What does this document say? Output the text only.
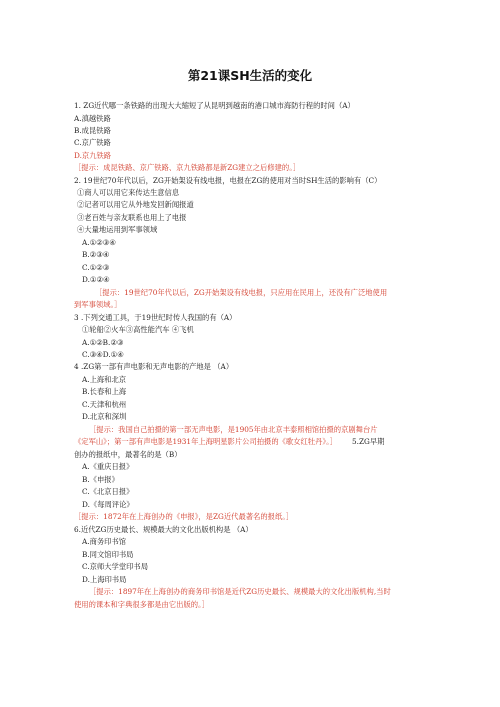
第21课SH生活的变化
1. ZG近代哪一条铁路的出现大大缩短了从昆明到越南的港口城市海防行程的时间（A）
A.滇越铁路
B.成昆铁路
C.京广铁路
D.京九铁路
［提示：成昆铁路、京广铁路、京九铁路都是新ZG建立之后修建的。］
2. 19世纪70年代以后，ZG开始架设有线电报，电报在ZG的使用对当时SH生活的影响有（C）
①商人可以用它来传达生意信息
②记者可以用它从外地发回新闻报道
③老百姓与亲友联系也用上了电报
④大量地运用到军事领域
A.①②③④
B.②③④
C.①②③
D.①②④
［提示：19世纪70年代以后，ZG开始架设有线电报，只应用在民用上，还没有广泛地使用
到军事领域。］
3 .下列交通工具，于19世纪时传人我国的有（A）
①轮船②火车③高性能汽车 ④飞机
A.①②B.②③
C.③④D.①④
4 .ZG第一部有声电影和无声电影的产地是 （A）
A.上海和北京
B.长春和上海
C.天津和杭州
D.北京和深圳
［提示：我国自己拍摄的第一部无声电影，是1905年由北京丰泰照相馆拍摄的京剧舞台片
《定军山》；第一部有声电影是1931年上海明星影片公司拍摄的《歌女红牡丹》。］ 5.ZG早期
创办的报纸中，最著名的是（B）
A.《重庆日报》
B.《申报》
C.《北京日报》
D.《每周评论》
［提示：1872年在上海创办的《申报》，是ZG近代最著名的报纸。］
6.近代ZG历史最长、规模最大的文化出版机构是 （A）
A.商务印书馆
B.同文馆印书局
C.京师大学堂印书局
D.上海印书局
［提示：1897年在上海创办的商务印书馆是近代ZG历史最长、规模最大的文化出版机构,当时
使用的课本和字典很多都是由它出版的。］
